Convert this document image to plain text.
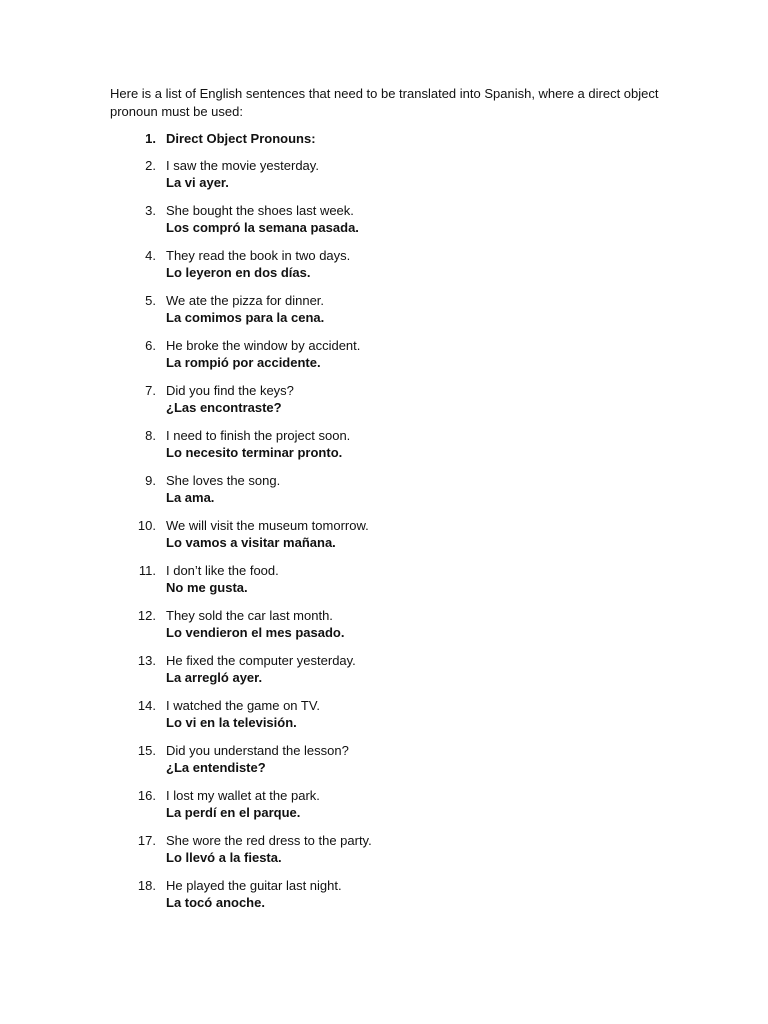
Here is a list of English sentences that need to be translated into Spanish, where a direct object pronoun must be used:

1. Direct Object Pronouns:
2. I saw the movie yesterday.
La vi ayer.
3. She bought the shoes last week.
Los compró la semana pasada.
4. They read the book in two days.
Lo leyeron en dos días.
5. We ate the pizza for dinner.
La comimos para la cena.
6. He broke the window by accident.
La rompió por accidente.
7. Did you find the keys?
¿Las encontraste?
8. I need to finish the project soon.
Lo necesito terminar pronto.
9. She loves the song.
La ama.
10. We will visit the museum tomorrow.
Lo vamos a visitar mañana.
11. I don’t like the food.
No me gusta.
12. They sold the car last month.
Lo vendieron el mes pasado.
13. He fixed the computer yesterday.
La arregló ayer.
14. I watched the game on TV.
Lo vi en la televisión.
15. Did you understand the lesson?
¿La entendiste?
16. I lost my wallet at the park.
La perdí en el parque.
17. She wore the red dress to the party.
Lo llevó a la fiesta.
18. He played the guitar last night.
La tocó anoche.
